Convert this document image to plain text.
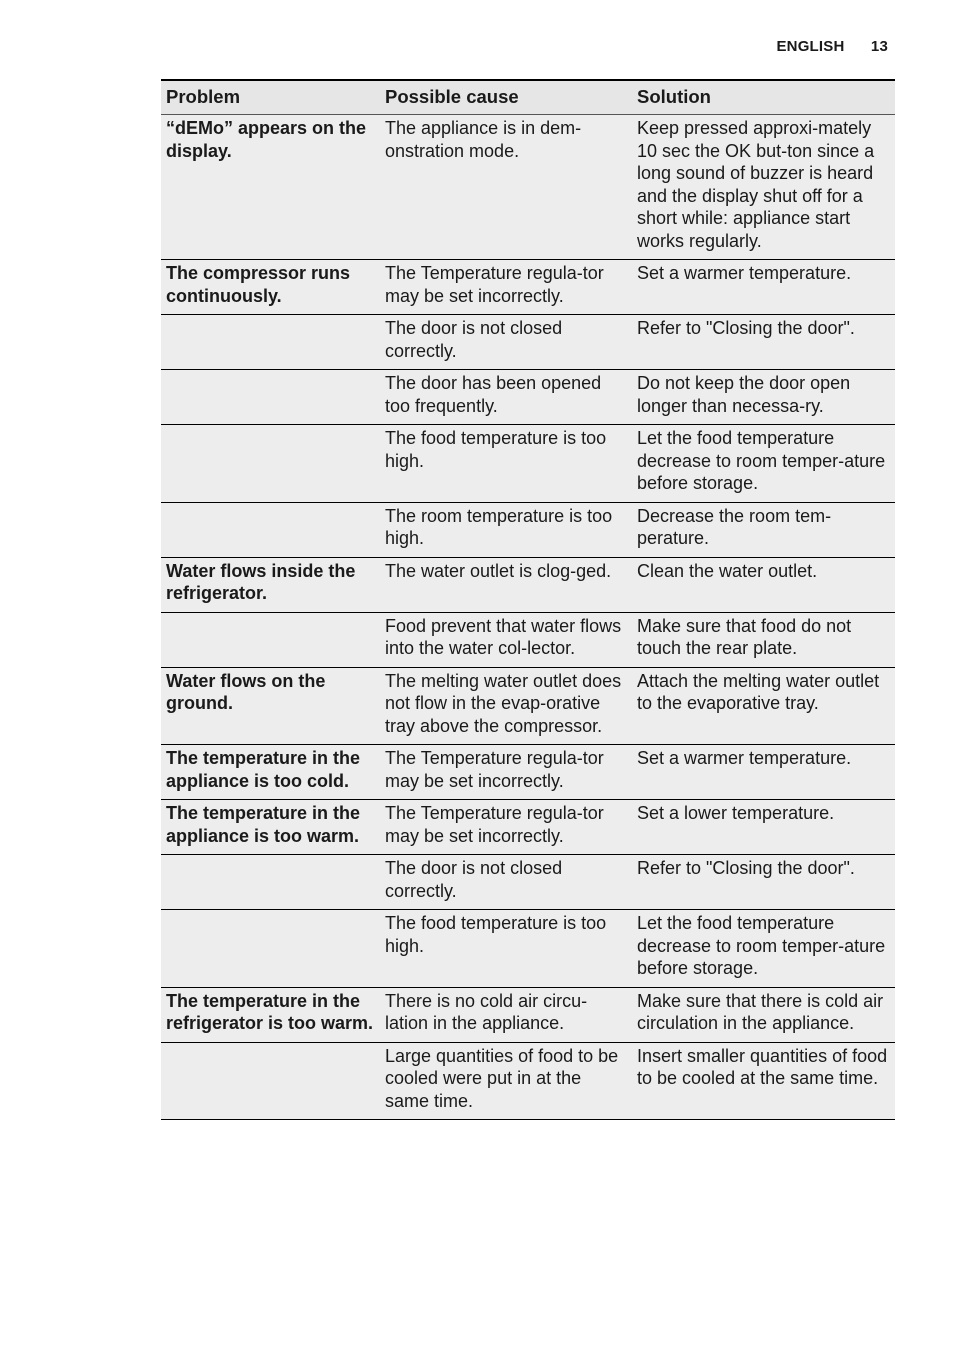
ENGLISH 13
Problem	Possible cause	Solution
“dEMo” appears on the display.	The appliance is in dem-onstration mode.	Keep pressed approxi-mately 10 sec the OK but-ton since a long sound of buzzer is heard and the display shut off for a short while: appliance start works regularly.
The compressor runs continuously.	The Temperature regula-tor may be set incorrectly.	Set a warmer temperature.
	The door is not closed correctly.	Refer to "Closing the door".
	The door has been opened too frequently.	Do not keep the door open longer than necessa-ry.
	The food temperature is too high.	Let the food temperature decrease to room temper-ature before storage.
	The room temperature is too high.	Decrease the room tem-perature.
Water flows inside the refrigerator.	The water outlet is clog-ged.	Clean the water outlet.
	Food prevent that water flows into the water col-lector.	Make sure that food do not touch the rear plate.
Water flows on the ground.	The melting water outlet does not flow in the evap-orative tray above the compressor.	Attach the melting water outlet to the evaporative tray.
The temperature in the appliance is too cold.	The Temperature regula-tor may be set incorrectly.	Set a warmer temperature.
The temperature in the appliance is too warm.	The Temperature regula-tor may be set incorrectly.	Set a lower temperature.
	The door is not closed correctly.	Refer to "Closing the door".
	The food temperature is too high.	Let the food temperature decrease to room temper-ature before storage.
The temperature in the refrigerator is too warm.	There is no cold air circu-lation in the appliance.	Make sure that there is cold air circulation in the appliance.
	Large quantities of food to be cooled were put in at the same time.	Insert smaller quantities of food to be cooled at the same time.
